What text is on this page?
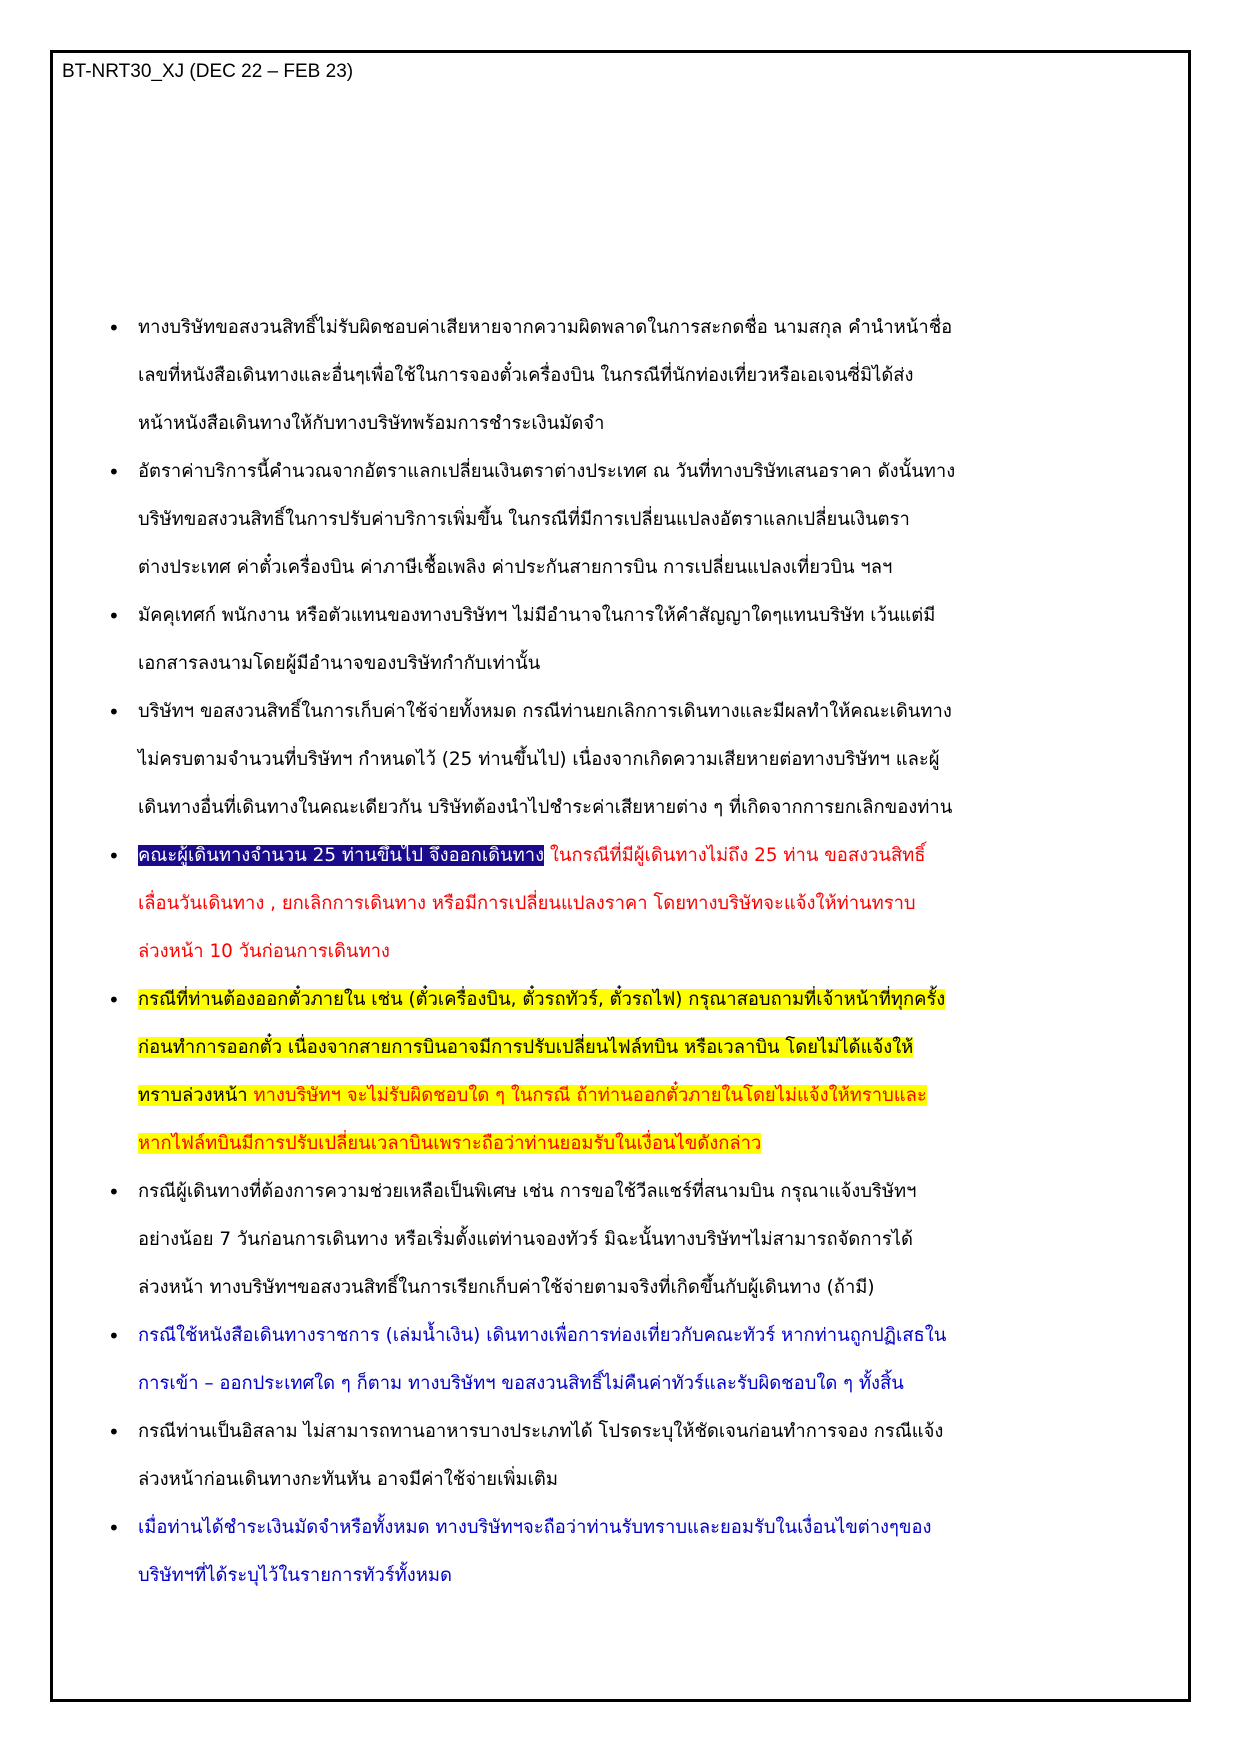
BT-NRT30_XJ (DEC 22 – FEB 23)
• ทางบริษัทขอสงวนสิทธิ์ไม่รับผิดชอบค่าเสียหายจากความผิดพลาดในการสะกดชื่อ นามสกุล คำนำหน้าชื่อ
เลขที่หนังสือเดินทางและอื่นๆเพื่อใช้ในการจองตั๋วเครื่องบิน ในกรณีที่นักท่องเที่ยวหรือเอเจนซี่มิได้ส่ง
หน้าหนังสือเดินทางให้กับทางบริษัทพร้อมการชำระเงินมัดจำ
• อัตราค่าบริการนี้คำนวณจากอัตราแลกเปลี่ยนเงินตราต่างประเทศ ณ วันที่ทางบริษัทเสนอราคา ดังนั้นทาง
บริษัทขอสงวนสิทธิ์ในการปรับค่าบริการเพิ่มขึ้น ในกรณีที่มีการเปลี่ยนแปลงอัตราแลกเปลี่ยนเงินตรา
ต่างประเทศ ค่าตั๋วเครื่องบิน ค่าภาษีเชื้อเพลิง ค่าประกันสายการบิน การเปลี่ยนแปลงเที่ยวบิน ฯลฯ
• มัคคุเทศก์ พนักงาน หรือตัวแทนของทางบริษัทฯ ไม่มีอำนาจในการให้คำสัญญาใดๆแทนบริษัท เว้นแต่มี
เอกสารลงนามโดยผู้มีอำนาจของบริษัทกำกับเท่านั้น
• บริษัทฯ ขอสงวนสิทธิ์ในการเก็บค่าใช้จ่ายทั้งหมด กรณีท่านยกเลิกการเดินทางและมีผลทำให้คณะเดินทาง
ไม่ครบตามจำนวนที่บริษัทฯ กำหนดไว้ (25 ท่านขึ้นไป) เนื่องจากเกิดความเสียหายต่อทางบริษัทฯ และผู้
เดินทางอื่นที่เดินทางในคณะเดียวกัน บริษัทต้องนำไปชำระค่าเสียหายต่าง ๆ ที่เกิดจากการยกเลิกของท่าน
• คณะผู้เดินทางจำนวน 25 ท่านขึ้นไป จึงออกเดินทาง ในกรณีที่มีผู้เดินทางไม่ถึง 25 ท่าน ขอสงวนสิทธิ์
เลื่อนวันเดินทาง , ยกเลิกการเดินทาง หรือมีการเปลี่ยนแปลงราคา โดยทางบริษัทจะแจ้งให้ท่านทราบ
ล่วงหน้า 10 วันก่อนการเดินทาง
• กรณีที่ท่านต้องออกตั๋วภายใน เช่น (ตั๋วเครื่องบิน, ตั๋วรถทัวร์, ตั๋วรถไฟ) กรุณาสอบถามที่เจ้าหน้าที่ทุกครั้ง
ก่อนทำการออกตั๋ว เนื่องจากสายการบินอาจมีการปรับเปลี่ยนไฟล์ทบิน หรือเวลาบิน โดยไม่ได้แจ้งให้
ทราบล่วงหน้า ทางบริษัทฯ จะไม่รับผิดชอบใด ๆ ในกรณี ถ้าท่านออกตั๋วภายในโดยไม่แจ้งให้ทราบและ
หากไฟล์ทบินมีการปรับเปลี่ยนเวลาบินเพราะถือว่าท่านยอมรับในเงื่อนไขดังกล่าว
• กรณีผู้เดินทางที่ต้องการความช่วยเหลือเป็นพิเศษ เช่น การขอใช้วีลแชร์ที่สนามบิน กรุณาแจ้งบริษัทฯ
อย่างน้อย 7 วันก่อนการเดินทาง หรือเริ่มตั้งแต่ท่านจองทัวร์ มิฉะนั้นทางบริษัทฯไม่สามารถจัดการได้
ล่วงหน้า ทางบริษัทฯขอสงวนสิทธิ์ในการเรียกเก็บค่าใช้จ่ายตามจริงที่เกิดขึ้นกับผู้เดินทาง (ถ้ามี)
• กรณีใช้หนังสือเดินทางราชการ (เล่มน้ำเงิน) เดินทางเพื่อการท่องเที่ยวกับคณะทัวร์ หากท่านถูกปฏิเสธใน
การเข้า – ออกประเทศใด ๆ ก็ตาม ทางบริษัทฯ ขอสงวนสิทธิ์ไม่คืนค่าทัวร์และรับผิดชอบใด ๆ ทั้งสิ้น
• กรณีท่านเป็นอิสลาม ไม่สามารถทานอาหารบางประเภทได้ โปรดระบุให้ชัดเจนก่อนทำการจอง กรณีแจ้ง
ล่วงหน้าก่อนเดินทางกะทันหัน อาจมีค่าใช้จ่ายเพิ่มเติม
• เมื่อท่านได้ชำระเงินมัดจำหรือทั้งหมด ทางบริษัทฯจะถือว่าท่านรับทราบและยอมรับในเงื่อนไขต่างๆของ
บริษัทฯที่ได้ระบุไว้ในรายการทัวร์ทั้งหมด
